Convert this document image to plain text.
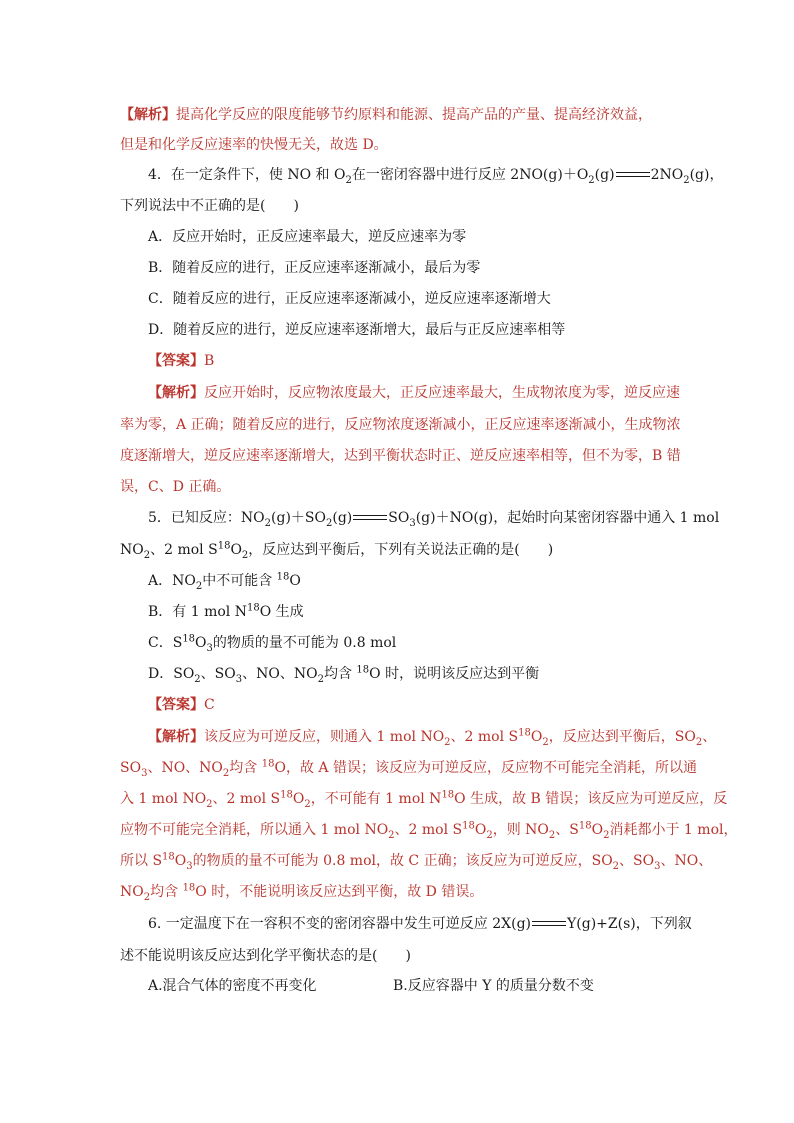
【解析】提高化学反应的限度能够节约原料和能源、提高产品的产量、提高经济效益，
但是和化学反应速率的快慢无关，故选 D。
4．在一定条件下，使 NO 和 $O_2$在一密闭容器中进行反应 $2NO(g)+O_2(g)$	$2NO_2(g)$，
下列说法中不正确的是(　　)
A．反应开始时，正反应速率最大，逆反应速率为零
B．随着反应的进行，正反应速率逐渐减小，最后为零
C．随着反应的进行，正反应速率逐渐减小，逆反应速率逐渐增大
D．随着反应的进行，逆反应速率逐渐增大，最后与正反应速率相等
【答案】B
【解析】反应开始时，反应物浓度最大，正反应速率最大，生成物浓度为零，逆反应速
率为零，A 正确；随着反应的进行，反应物浓度逐渐减小，正反应速率逐渐减小，生成物浓
度逐渐增大，逆反应速率逐渐增大，达到平衡状态时正、逆反应速率相等，但不为零，B 错
误，C、D 正确。
5．已知反应：$NO_2(g)+SO_2(g)$	$SO_3(g)+NO(g)$，起始时向某密闭容器中通入 1 mol
$NO_2$、2 mol $S^{18}O_2$，反应达到平衡后，下列有关说法正确的是(　　)
A．$NO_2$中不可能含 $^{18}$O
B．有 1 mol $N^{18}O$ 生成
C．$S^{18}O_3$的物质的量不可能为 0.8 mol
D．$SO_2$、$SO_3$、NO、$NO_2$均含 $^{18}$O 时，说明该反应达到平衡
【答案】C
【解析】该反应为可逆反应，则通入 1 mol $NO_2$、2 mol $S^{18}O_2$，反应达到平衡后，$SO_2$、
$SO_3$、NO、$NO_2$均含 $^{18}$O，故 A 错误；该反应为可逆反应，反应物不可能完全消耗，所以通
入 1 mol $NO_2$、2 mol $S^{18}O_2$，不可能有 1 mol $N^{18}O$ 生成，故 B 错误；该反应为可逆反应，反
应物不可能完全消耗，所以通入 1 mol $NO_2$、2 mol $S^{18}O_2$，则 $NO_2$、$S^{18}O_2$消耗都小于 1 mol，
所以 $S^{18}O_3$的物质的量不可能为 0.8 mol，故 C 正确；该反应为可逆反应，$SO_2$、$SO_3$、NO、
$NO_2$均含 $^{18}$O 时，不能说明该反应达到平衡，故 D 错误。
6. 一定温度下在一容积不变的密闭容器中发生可逆反应 2X(g)	Y(g)+Z(s)，下列叙
述不能说明该反应达到化学平衡状态的是(　　)
A.混合气体的密度不再变化	B.反应容器中 Y 的质量分数不变
